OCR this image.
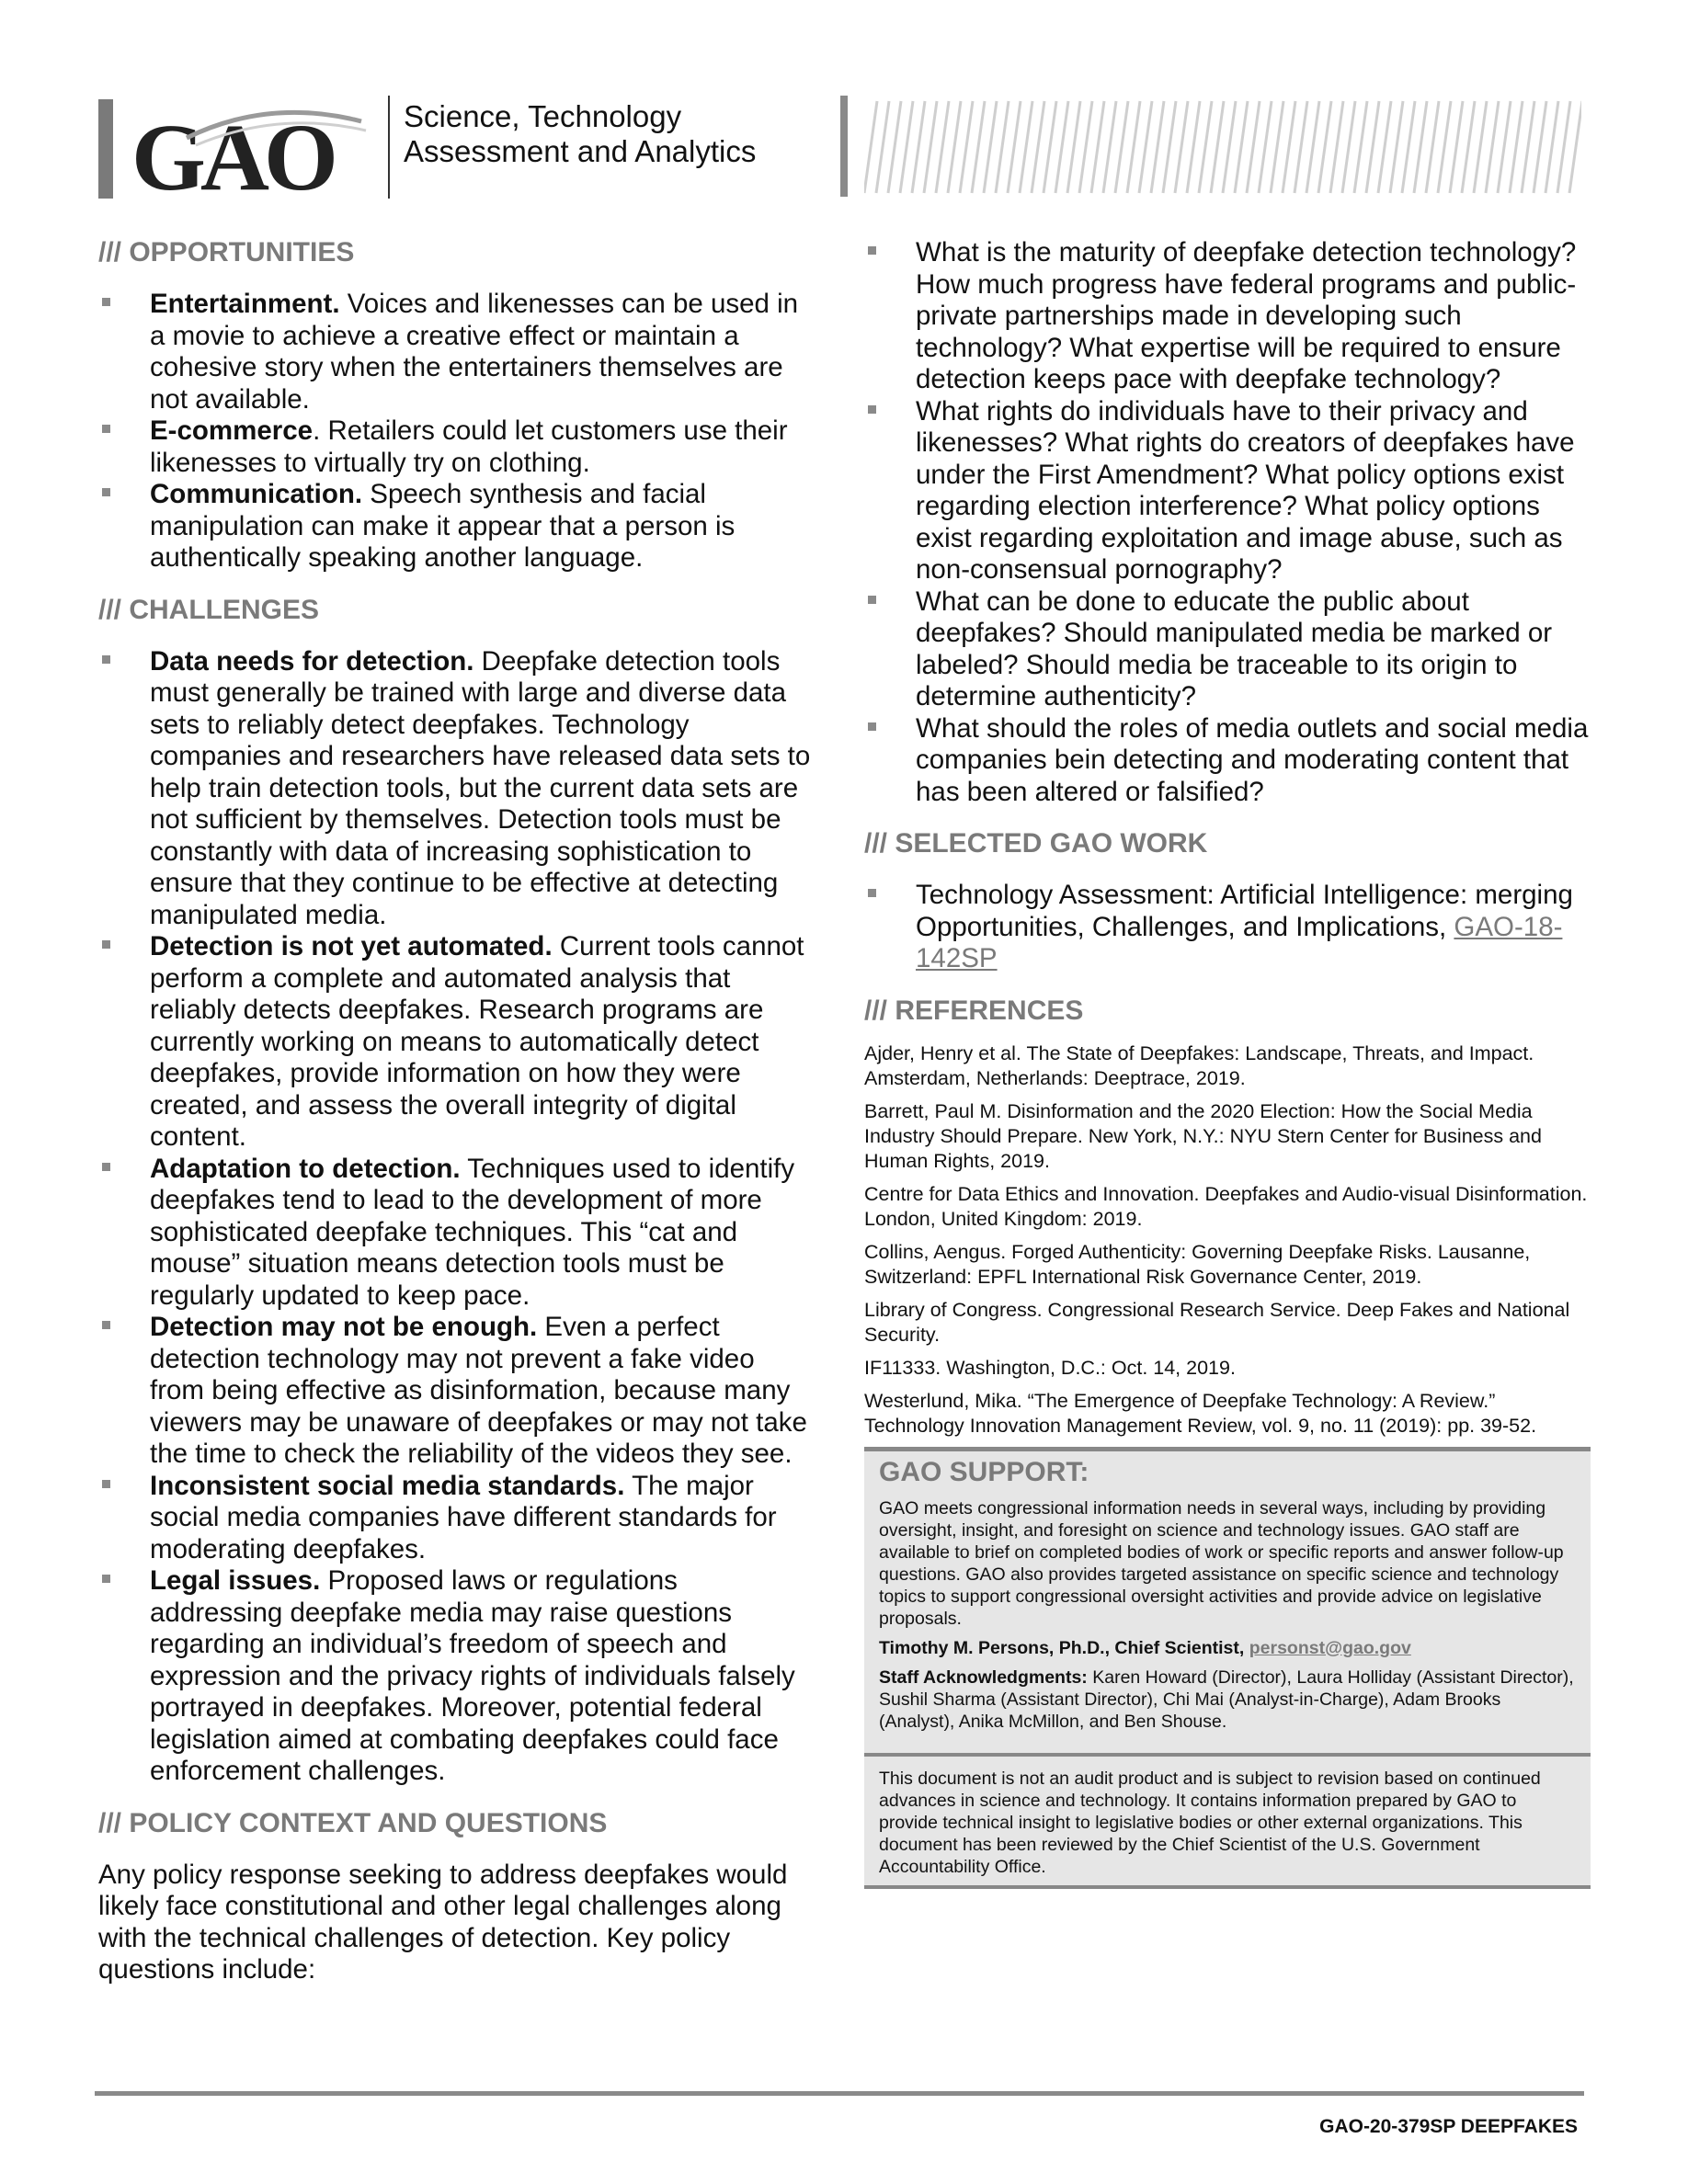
GAO Science, Technology
Assessment and Analytics
/// OPPORTUNITIES
Entertainment. Voices and likenesses can be used in a movie to achieve a creative effect or maintain a cohesive story when the entertainers themselves are not available.
E-commerce. Retailers could let customers use their likenesses to virtually try on clothing.
Communication. Speech synthesis and facial manipulation can make it appear that a person is authentically speaking another language.
/// CHALLENGES
Data needs for detection. Deepfake detection tools must generally be trained with large and diverse data sets to reliably detect deepfakes. Technology companies and researchers have released data sets to help train detection tools, but the current data sets are not sufficient by themselves. Detection tools must be constantly with data of increasing sophistication to ensure that they continue to be effective at detecting manipulated media.
Detection is not yet automated. Current tools cannot perform a complete and automated analysis that reliably detects deepfakes. Research programs are currently working on means to automatically detect deepfakes, provide information on how they were created, and assess the overall integrity of digital content.
Adaptation to detection. Techniques used to identify deepfakes tend to lead to the development of more sophisticated deepfake techniques. This “cat and mouse” situation means detection tools must be regularly updated to keep pace.
Detection may not be enough. Even a perfect detection technology may not prevent a fake video from being effective as disinformation, because many viewers may be unaware of deepfakes or may not take the time to check the reliability of the videos they see.
Inconsistent social media standards. The major social media companies have different standards for moderating deepfakes.
Legal issues. Proposed laws or regulations addressing deepfake media may raise questions regarding an individual’s freedom of speech and expression and the privacy rights of individuals falsely portrayed in deepfakes. Moreover, potential federal legislation aimed at combating deepfakes could face enforcement challenges.
/// POLICY CONTEXT AND QUESTIONS
Any policy response seeking to address deepfakes would likely face constitutional and other legal challenges along with the technical challenges of detection. Key policy questions include:
What is the maturity of deepfake detection technology? How much progress have federal programs and public-private partnerships made in developing such technology? What expertise will be required to ensure detection keeps pace with deepfake technology?
What rights do individuals have to their privacy and likenesses? What rights do creators of deepfakes have under the First Amendment? What policy options exist regarding election interference? What policy options exist regarding exploitation and image abuse, such as non-consensual pornography?
What can be done to educate the public about deepfakes? Should manipulated media be marked or labeled? Should media be traceable to its origin to determine authenticity?
What should the roles of media outlets and social media companies bein detecting and moderating content that has been altered or falsified?
/// SELECTED GAO WORK
Technology Assessment: Artificial Intelligence: merging Opportunities, Challenges, and Implications, GAO-18-142SP
/// REFERENCES

Ajder, Henry et al. The State of Deepfakes: Landscape, Threats, and Impact. Amsterdam, Netherlands: Deeptrace, 2019.

Barrett, Paul M. Disinformation and the 2020 Election: How the Social Media Industry Should Prepare. New York, N.Y.: NYU Stern Center for Business and Human Rights, 2019.

Centre for Data Ethics and Innovation. Deepfakes and Audio-visual Disinformation. London, United Kingdom: 2019.

Collins, Aengus. Forged Authenticity: Governing Deepfake Risks. Lausanne, Switzerland: EPFL International Risk Governance Center, 2019.

Library of Congress. Congressional Research Service. Deep Fakes and National Security.

IF11333. Washington, D.C.: Oct. 14, 2019.

Westerlund, Mika. “The Emergence of Deepfake Technology: A Review.” Technology Innovation Management Review, vol. 9, no. 11 (2019): pp. 39-52.

GAO SUPPORT:

GAO meets congressional information needs in several ways, including by providing oversight, insight, and foresight on science and technology issues. GAO staff are available to brief on completed bodies of work or specific reports and answer follow-up questions. GAO also provides targeted assistance on specific science and technology topics to support congressional oversight activities and provide advice on legislative proposals.

Timothy M. Persons, Ph.D., Chief Scientist, personst@gao.gov

Staff Acknowledgments: Karen Howard (Director), Laura Holliday (Assistant Director), Sushil Sharma (Assistant Director), Chi Mai (Analyst-in-Charge), Adam Brooks (Analyst), Anika McMillon, and Ben Shouse.

This document is not an audit product and is subject to revision based on continued advances in science and technology. It contains information prepared by GAO to provide technical insight to legislative bodies or other external organizations. This document has been reviewed by the Chief Scientist of the U.S. Government Accountability Office.

GAO-20-379SP DEEPFAKES
